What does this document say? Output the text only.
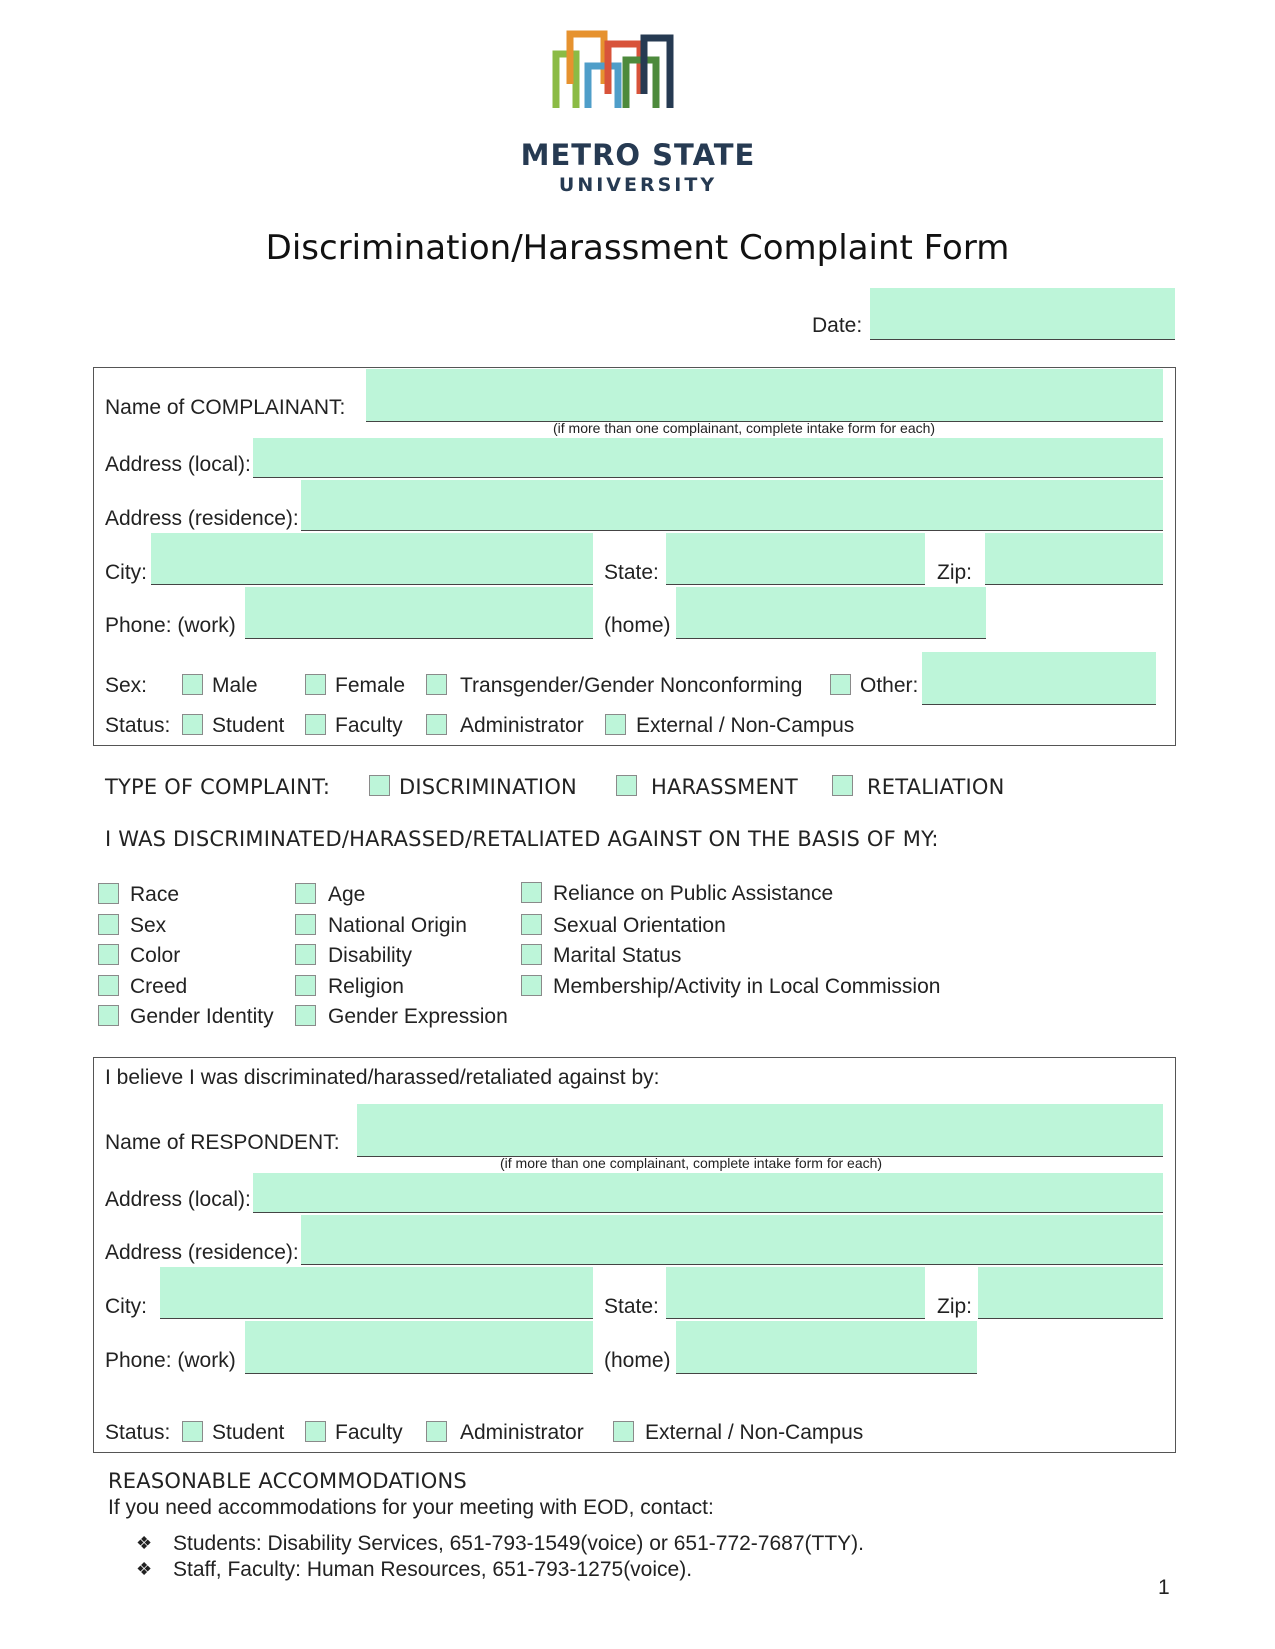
METRO STATE
UNIVERSITY
Discrimination/Harassment Complaint Form
Date:
Name of COMPLAINANT:
(if more than one complainant, complete intake form for each)
Address (local):
Address (residence):
City:	State:	Zip:
Phone: (work)	(home)
Sex:	Male	Female	Transgender/Gender Nonconforming	Other:
Status: Student Faculty	Administrator External / Non-Campus
TYPE OF COMPLAINT:	DISCRIMINATION	HARASSMENT	RETALIATION
I WAS DISCRIMINATED/HARASSED/RETALIATED AGAINST ON THE BASIS OF MY:
Race
Sex
Color
Creed
Gender Identity
Age
National Origin
Disability
Religion
Gender Expression
Reliance on Public Assistance
Sexual Orientation
Marital Status
Membership/Activity in Local Commission
I believe I was discriminated/harassed/retaliated against by:
Name of RESPONDENT:
(if more than one complainant, complete intake form for each)
Address (local):
Address (residence):
City:	State:	Zip:
Phone: (work)	(home)
Status: Student Faculty	Administrator	External / Non-Campus
REASONABLE ACCOMMODATIONS
If you need accommodations for your meeting with EOD, contact:
❖ Students: Disability Services, 651-793-1549(voice) or 651-772-7687(TTY).
❖ Staff, Faculty: Human Resources, 651-793-1275(voice).
1
